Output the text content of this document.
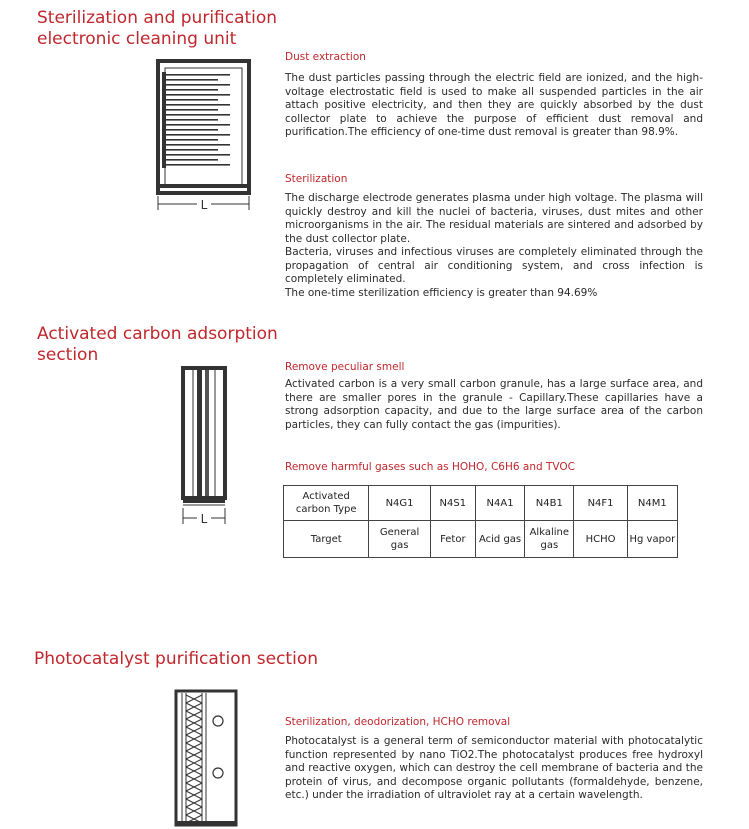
Sterilization and purification
electronic cleaning unit
L
Dust extraction
The dust particles passing through the electric field are ionized, and the high-voltage electrostatic field is used to make all suspended particles in the air attach positive electricity, and then they are quickly absorbed by the dust collector plate to achieve the purpose of efficient dust removal and purification.The efficiency of one-time dust removal is greater than 98.9%.
Sterilization

The discharge electrode generates plasma under high voltage. The plasma will quickly destroy and kill the nuclei of bacteria, viruses, dust mites and other microorganisms in the air. The residual materials are sintered and adsorbed by the dust collector plate.

Bacteria, viruses and infectious viruses are completely eliminated through the propagation of central air conditioning system, and cross infection is completely eliminated.

The one-time sterilization efficiency is greater than 94.69%

Activated carbon adsorption
section
L
Remove peculiar smell
Activated carbon is a very small carbon granule, has a large surface area, and there are smaller pores in the granule - Capillary.These capillaries have a strong adsorption capacity, and due to the large surface area of the carbon particles, they can fully contact the gas (impurities).
Remove harmful gases such as HOHO, C6H6 and TVOC
Activated carbon Type	N4G1	N4S1	N4A1	N4B1	N4F1	N4M1
Target	General gas	Fetor	Acid gas	Alkaline gas	HCHO	Hg vapor
Photocatalyst purification section
Sterilization, deodorization, HCHO removal
Photocatalyst is a general term of semiconductor material with photocatalytic function represented by nano TiO2.The photocatalyst produces free hydroxyl and reactive oxygen, which can destroy the cell membrane of bacteria and the protein of virus, and decompose organic pollutants (formaldehyde, benzene, etc.) under the irradiation of ultraviolet ray at a certain wavelength.
